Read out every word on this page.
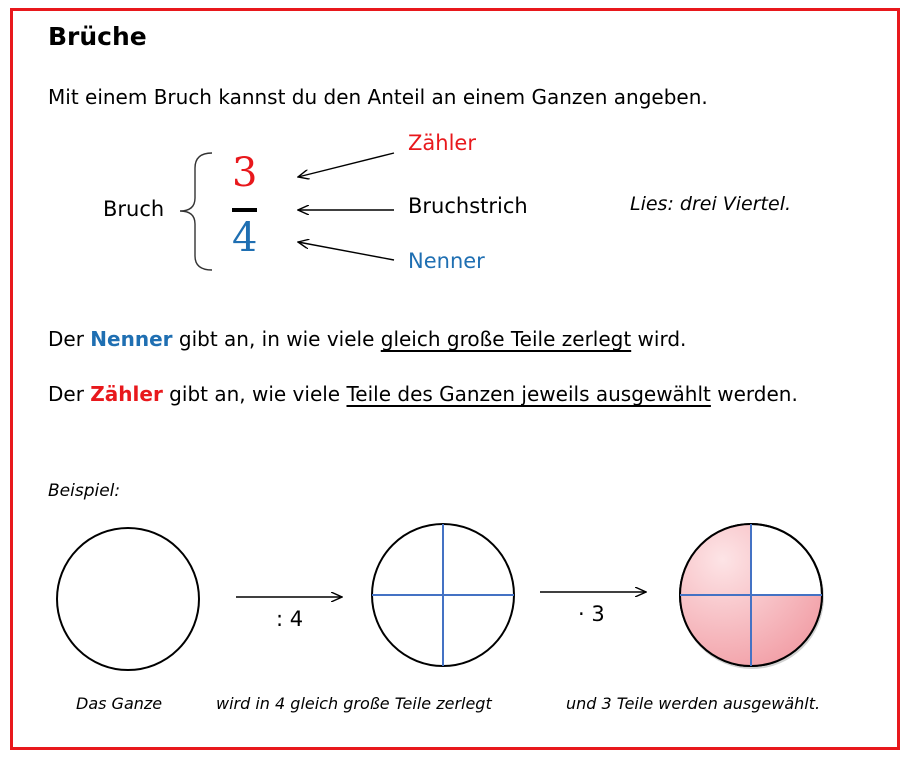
Brüche
Mit einem Bruch kannst du den Anteil an einem Ganzen angeben.
Bruch
3
4
Zähler
Bruchstrich
Nenner
Lies: drei Viertel.
Der Nenner gibt an, in wie viele gleich große Teile zerlegt wird.
Der Zähler gibt an, wie viele Teile des Ganzen jeweils ausgewählt werden.
Beispiel:
: 4	· 3
Das Ganze	wird in 4 gleich große Teile zerlegt	und 3 Teile werden ausgewählt.
